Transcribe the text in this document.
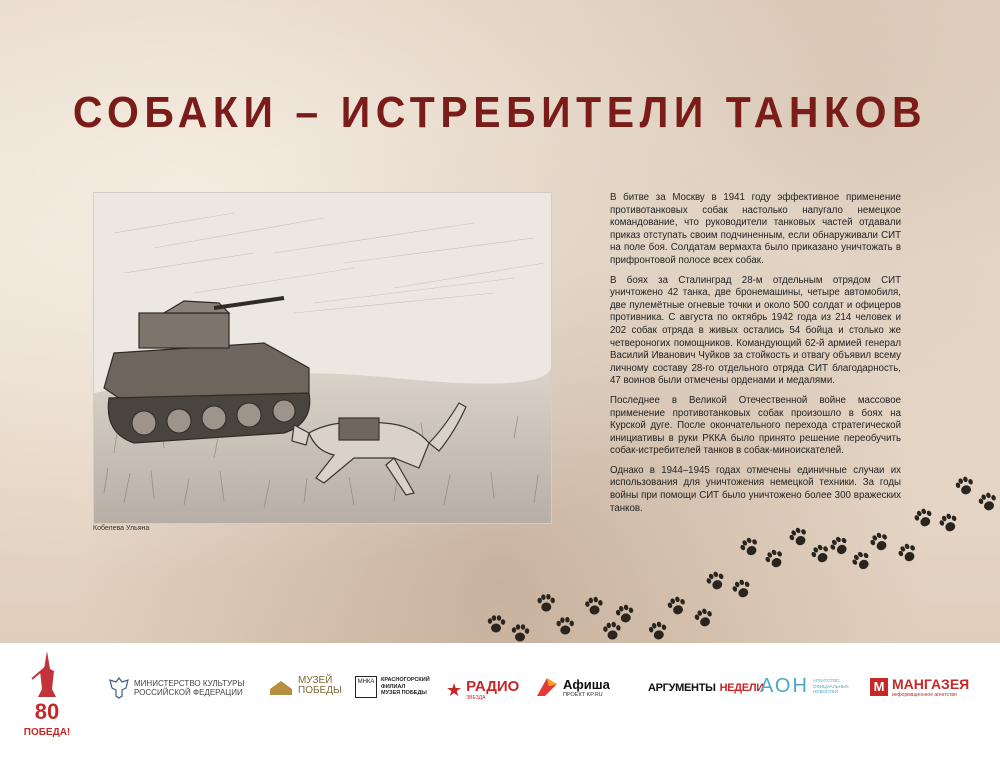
СОБАКИ – ИСТРЕБИТЕЛИ ТАНКОВ
Кобелева Ульяна

В битве за Москву в 1941 году эффективное применение противотанковых собак настолько напугало немецкое командование, что руководители танковых частей отдавали приказ отступать своим подчиненным, если обнаруживали СИТ на поле боя. Солдатам вермахта было приказано уничтожать в прифронтовой полосе всех собак.

В боях за Сталинград 28-м отдельным отрядом СИТ уничтожено 42 танка, две бронемашины, четыре автомобиля, две пулемётные огневые точки и около 500 солдат и офицеров противника. С августа по октябрь 1942 года из 214 человек и 202 собак отряда в живых остались 54 бойца и столько же четвероногих помощников. Командующий 62-й армией генерал Василий Иванович Чуйков за стойкость и отвагу объявил всему личному составу 28-го отдельного отряда СИТ благодарность, 47 воинов были отмечены орденами и медалями.

Последнее в Великой Отечественной войне массовое применение противотанковых собак произошло в боях на Курской дуге. После окончательного перехода стратегической инициативы в руки РККА было принято решение переобучить собак-истребителей танков в собак-миноискателей.

Однако в 1944–1945 годах отмечены единичные случаи их использования для уничтожения немецкой техники. За годы войны при помощи СИТ было уничтожено более 300 вражеских танков.

80
ПОБЕДА!
МИНИСТЕРСТВО КУЛЬТУРЫ
РОССИЙСКОЙ ФЕДЕРАЦИИ
МУЗЕЙ
ПОБЕДЫ
МНКА	КРАСНОГОРСКИЙ
ФИЛИАЛ
МУЗЕЯ ПОБЕДЫ ★ РАДИО
ЗВЕЗДА
Афиша
ПРОЕКТ KP.RU
АРГУМЕНТЫ НЕДЕЛИ
АОН АГЕНТСТВО
ОФИЦИАЛЬНЫХ
НОВОСТЕЙ	M МАНГАЗЕЯ
информационное агентство
